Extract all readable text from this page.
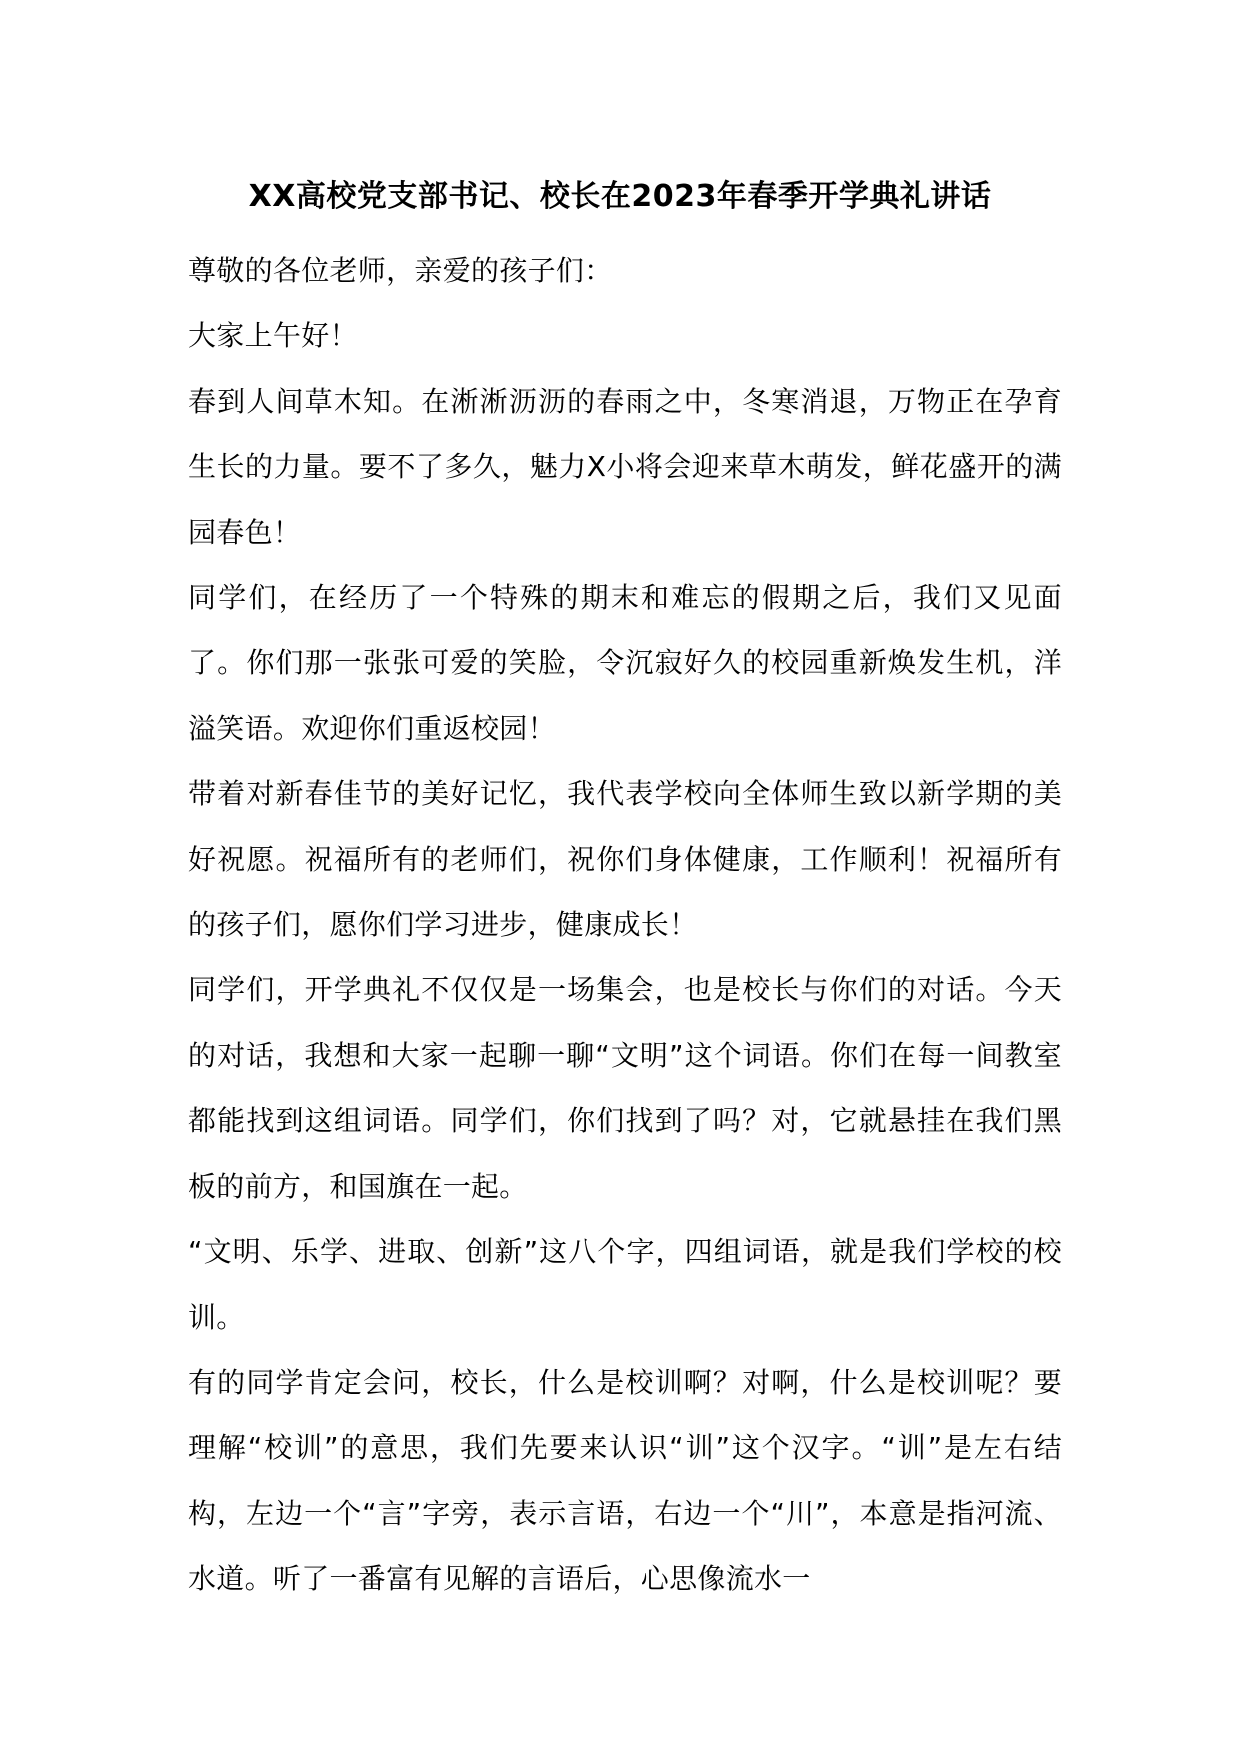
XX高校党支部书记、校长在2023年春季开学典礼讲话

尊敬的各位老师，亲爱的孩子们：

大家上午好！

春到人间草木知。在淅淅沥沥的春雨之中，冬寒消退，万物正在孕育生长的力量。要不了多久，魅力X小将会迎来草木萌发，鲜花盛开的满园春色！

同学们，在经历了一个特殊的期末和难忘的假期之后，我们又见面了。你们那一张张可爱的笑脸，令沉寂好久的校园重新焕发生机，洋溢笑语。欢迎你们重返校园！

带着对新春佳节的美好记忆，我代表学校向全体师生致以新学期的美好祝愿。祝福所有的老师们，祝你们身体健康，工作顺利！祝福所有的孩子们，愿你们学习进步，健康成长！

同学们，开学典礼不仅仅是一场集会，也是校长与你们的对话。今天的对话，我想和大家一起聊一聊“文明”这个词语。你们在每一间教室都能找到这组词语。同学们，你们找到了吗？对，它就悬挂在我们黑板的前方，和国旗在一起。

“文明、乐学、进取、创新”这八个字，四组词语，就是我们学校的校训。

有的同学肯定会问，校长，什么是校训啊？对啊，什么是校训呢？要理解“校训”的意思，我们先要来认识“训”这个汉字。“训”是左右结构，左边一个“言”字旁，表示言语，右边一个“川”，本意是指河流、水道。听了一番富有见解的言语后，心思像流水一
